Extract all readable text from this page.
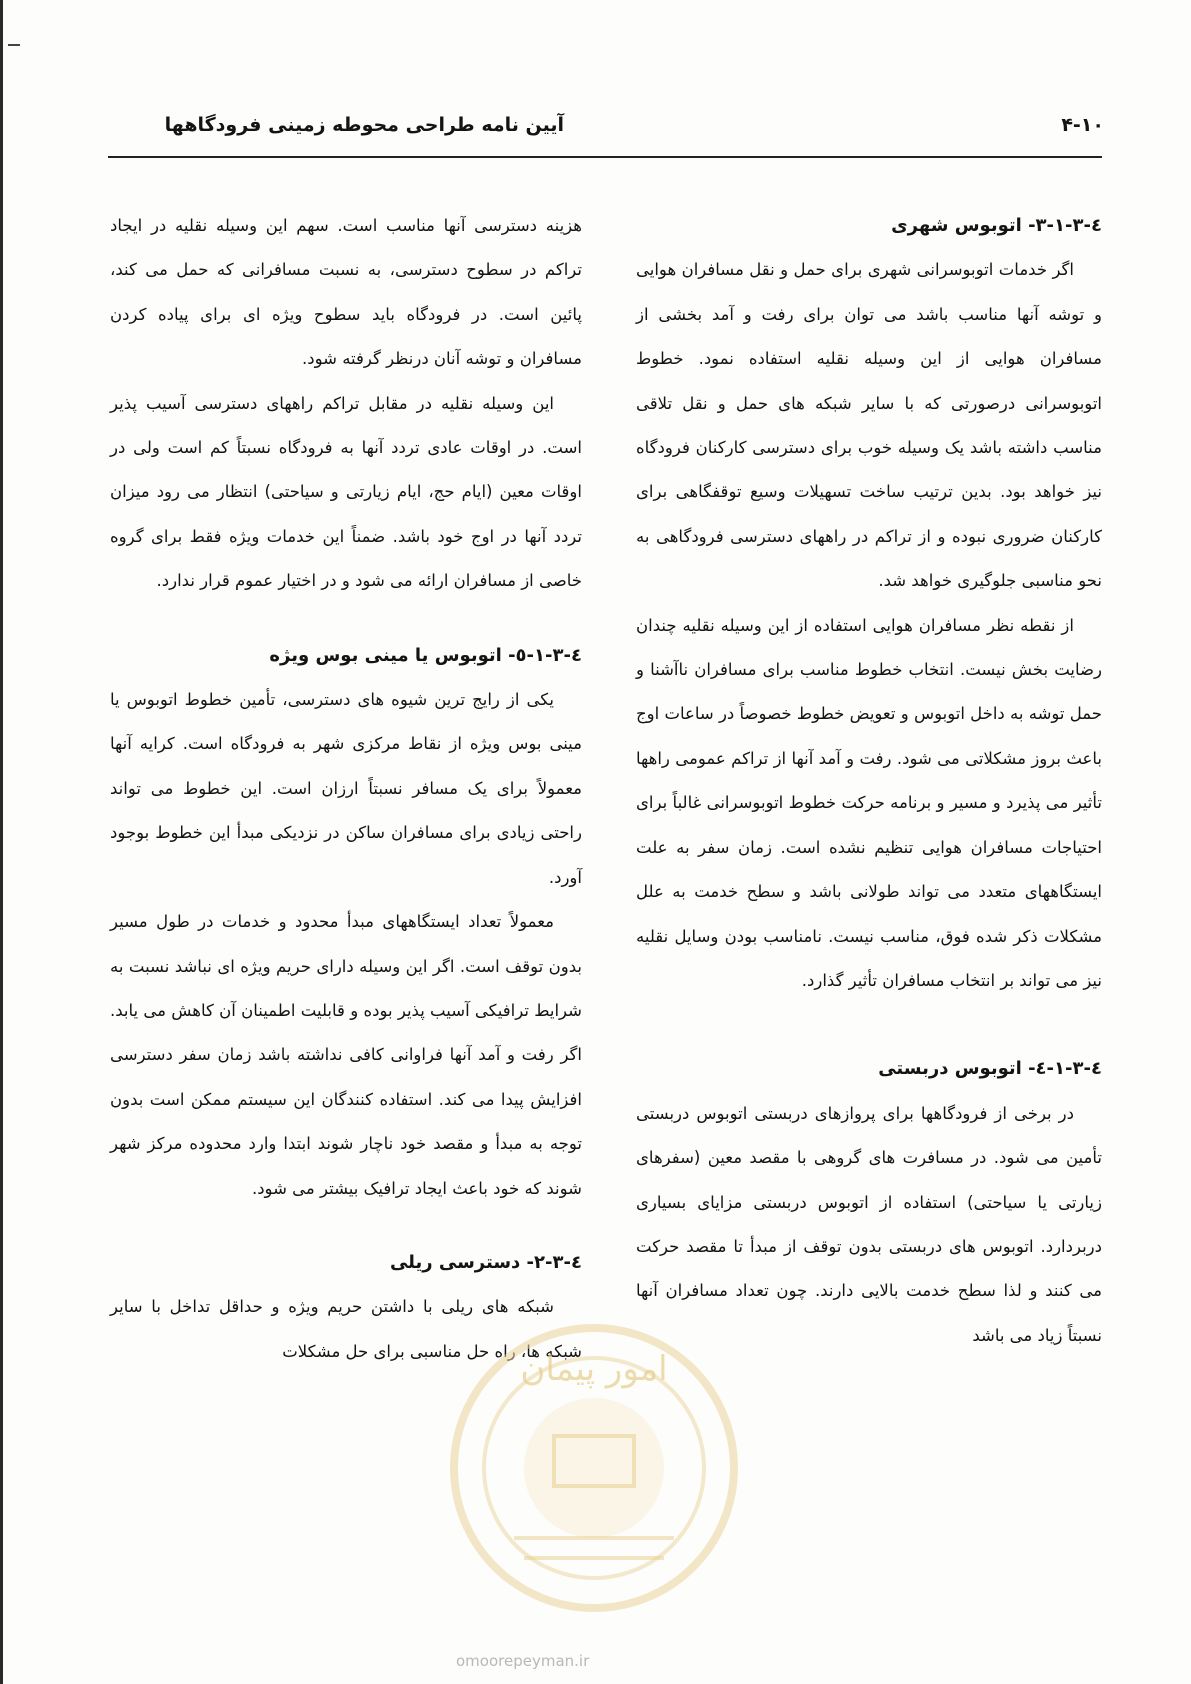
آیین نامه طراحی محوطه زمینی فرودگاهها	۴-۱۰
٤-٣-١-٣- اتوبوس شهری

اگر خدمات اتوبوسرانی شهری برای حمل و نقل مسافران هوایی و توشه آنها مناسب باشد می توان برای رفت و آمد بخشی از مسافران هوایی از این وسیله نقلیه استفاده نمود. خطوط اتوبوسرانی درصورتی که با سایر شبکه های حمل و نقل تلاقی مناسب داشته باشد یک وسیله خوب برای دسترسی کارکنان فرودگاه نیز خواهد بود. بدین ترتیب ساخت تسهیلات وسیع توقفگاهی برای کارکنان ضروری نبوده و از تراکم در راههای دسترسی فرودگاهی به نحو مناسبی جلوگیری خواهد شد.

از نقطه نظر مسافران هوایی استفاده از این وسیله نقلیه چندان رضایت بخش نیست. انتخاب خطوط مناسب برای مسافران ناآشنا و حمل توشه به داخل اتوبوس و تعویض خطوط خصوصاً در ساعات اوج باعث بروز مشکلاتی می شود. رفت و آمد آنها از تراکم عمومی راهها تأثیر می پذیرد و مسیر و برنامه حرکت خطوط اتوبوسرانی غالباً برای احتیاجات مسافران هوایی تنظیم نشده است. زمان سفر به علت ایستگاههای متعدد می تواند طولانی باشد و سطح خدمت به علل مشکلات ذکر شده فوق، مناسب نیست. نامناسب بودن وسایل نقلیه نیز می تواند بر انتخاب مسافران تأثیر گذارد.

٤-٣-١-٤- اتوبوس دربستی

در برخی از فرودگاهها برای پروازهای دربستی اتوبوس دربستی تأمین می شود. در مسافرت های گروهی با مقصد معین (سفرهای زیارتی یا سیاحتی) استفاده از اتوبوس دربستی مزایای بسیاری دربردارد. اتوبوس های دربستی بدون توقف از مبدأ تا مقصد حرکت می کنند و لذا سطح خدمت بالایی دارند. چون تعداد مسافران آنها نسبتاً زیاد می باشد

هزینه دسترسی آنها مناسب است. سهم این وسیله نقلیه در ایجاد تراکم در سطوح دسترسی، به نسبت مسافرانی که حمل می کند، پائین است. در فرودگاه باید سطوح ویژه ای برای پیاده کردن مسافران و توشه آنان درنظر گرفته شود.

این وسیله نقلیه در مقابل تراکم راههای دسترسی آسیب پذیر است. در اوقات عادی تردد آنها به فرودگاه نسبتاً کم است ولی در اوقات معین (ایام حج، ایام زیارتی و سیاحتی) انتظار می رود میزان تردد آنها در اوج خود باشد. ضمناً این خدمات ویژه فقط برای گروه خاصی از مسافران ارائه می شود و در اختیار عموم قرار ندارد.

٤-٣-١-٥- اتوبوس یا مینی بوس ویژه

یکی از رایج ترین شیوه های دسترسی، تأمین خطوط اتوبوس یا مینی بوس ویژه از نقاط مرکزی شهر به فرودگاه است. کرایه آنها معمولاً برای یک مسافر نسبتاً ارزان است. این خطوط می تواند راحتی زیادی برای مسافران ساکن در نزدیکی مبدأ این خطوط بوجود آورد.

معمولاً تعداد ایستگاههای مبدأ محدود و خدمات در طول مسیر بدون توقف است. اگر این وسیله دارای حریم ویژه ای نباشد نسبت به شرایط ترافیکی آسیب پذیر بوده و قابلیت اطمینان آن کاهش می یابد. اگر رفت و آمد آنها فراوانی کافی نداشته باشد زمان سفر دسترسی افزایش پیدا می کند. استفاده کنندگان این سیستم ممکن است بدون توجه به مبدأ و مقصد خود ناچار شوند ابتدا وارد محدوده مرکز شهر شوند که خود باعث ایجاد ترافیک بیشتر می شود.

٤-٣-٢- دسترسی ریلی

شبکه های ریلی با داشتن حریم ویژه و حداقل تداخل با سایر شبکه ها، راه حل مناسبی برای حل مشکلات

امور پیمان
omoorepeyman.ir
